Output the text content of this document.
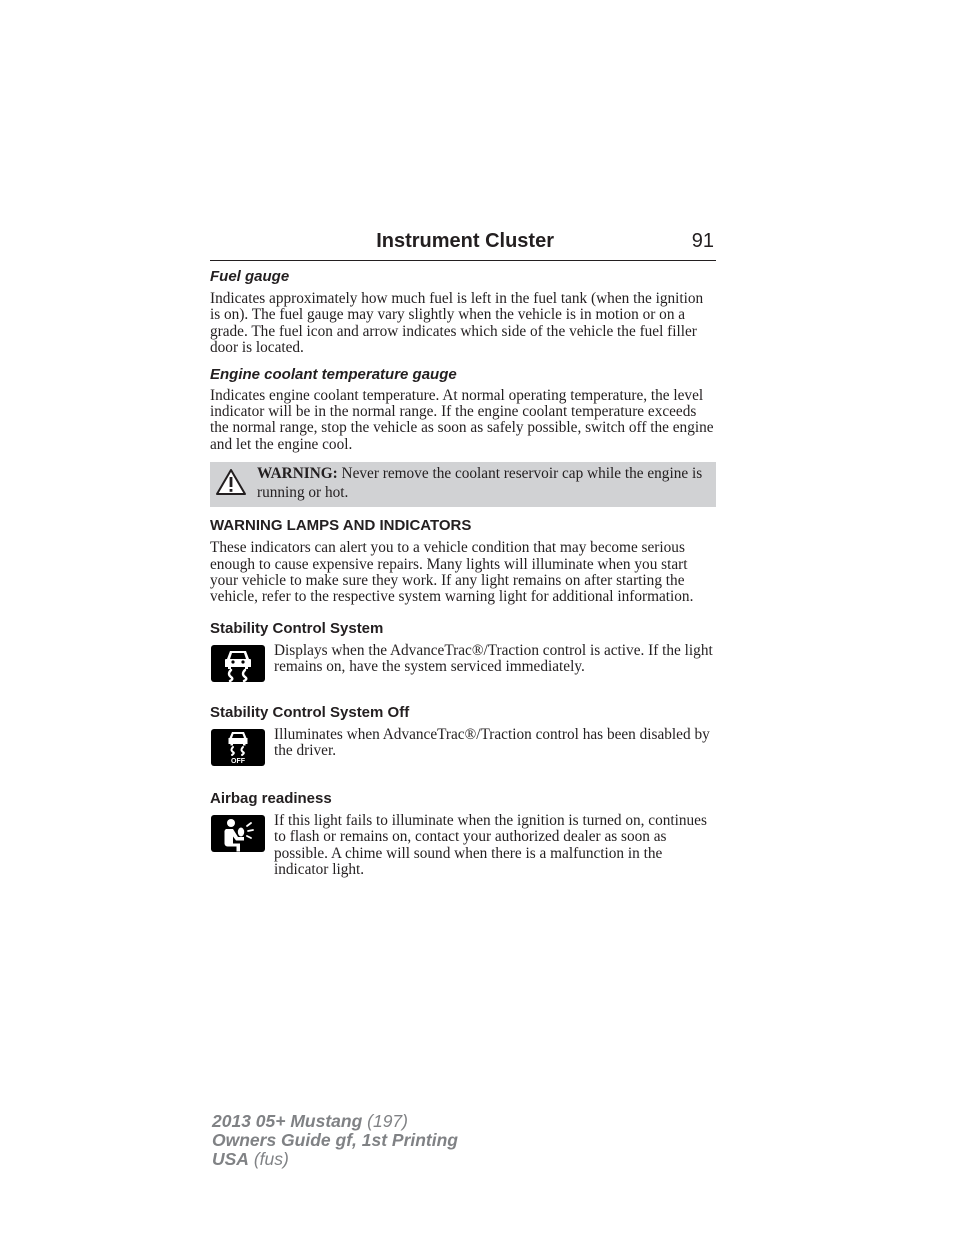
Instrument Cluster	91
Fuel gauge

Indicates approximately how much fuel is left in the fuel tank (when the ignition is on). The fuel gauge may vary slightly when the vehicle is in motion or on a grade. The fuel icon and arrow indicates which side of the vehicle the fuel filler door is located.

Engine coolant temperature gauge

Indicates engine coolant temperature. At normal operating temperature, the level indicator will be in the normal range. If the engine coolant temperature exceeds the normal range, stop the vehicle as soon as safely possible, switch off the engine and let the engine cool.

WARNING: Never remove the coolant reservoir cap while the engine is running or hot.
WARNING LAMPS AND INDICATORS

These indicators can alert you to a vehicle condition that may become serious enough to cause expensive repairs. Many lights will illuminate when you start your vehicle to make sure they work. If any light remains on after starting the vehicle, refer to the respective system warning light for additional information.

Stability Control System
Displays when the AdvanceTrac®/Traction control is active. If the light remains on, have the system serviced immediately.
Stability Control System Off
OFF
Illuminates when AdvanceTrac®/Traction control has been disabled by the driver.
Airbag readiness
If this light fails to illuminate when the ignition is turned on, continues to flash or remains on, contact your authorized dealer as soon as possible. A chime will sound when there is a malfunction in the indicator light.
2013 05+ Mustang (197)
Owners Guide gf, 1st Printing
USA (fus)
